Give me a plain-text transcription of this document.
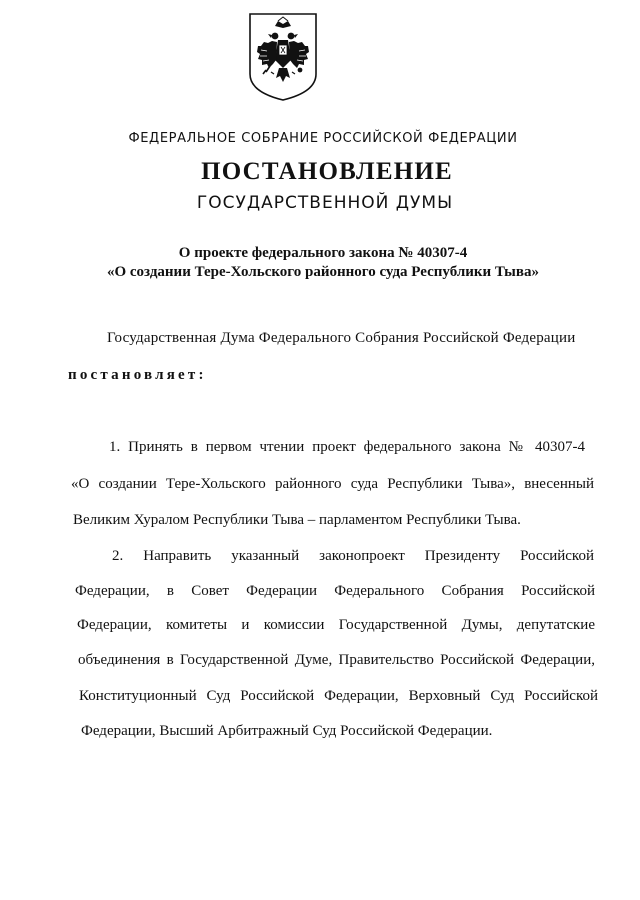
ФЕДЕРАЛЬНОЕ СОБРАНИЕ РОССИЙСКОЙ ФЕДЕРАЦИИ
ПОСТАНОВЛЕНИЕ
ГОСУДАРСТВЕННОЙ ДУМЫ
О проекте федерального закона № 40307-4
«О создании Тере-Хольского районного суда Республики Тыва»
Государственная Дума Федерального Собрания Российской Федерации
постановляет:
1. Принять в первом чтении проект федерального закона № 40307-4
«О создании Тере-Хольского районного суда Республики Тыва», внесенный
Великим Хуралом Республики Тыва – парламентом Республики Тыва.
2. Направить указанный законопроект Президенту Российской
Федерации, в Совет Федерации Федерального Собрания Российской
Федерации, комитеты и комиссии Государственной Думы, депутатские
объединения в Государственной Думе, Правительство Российской Федерации,
Конституционный Суд Российской Федерации, Верховный Суд Российской
Федерации, Высший Арбитражный Суд Российской Федерации.
